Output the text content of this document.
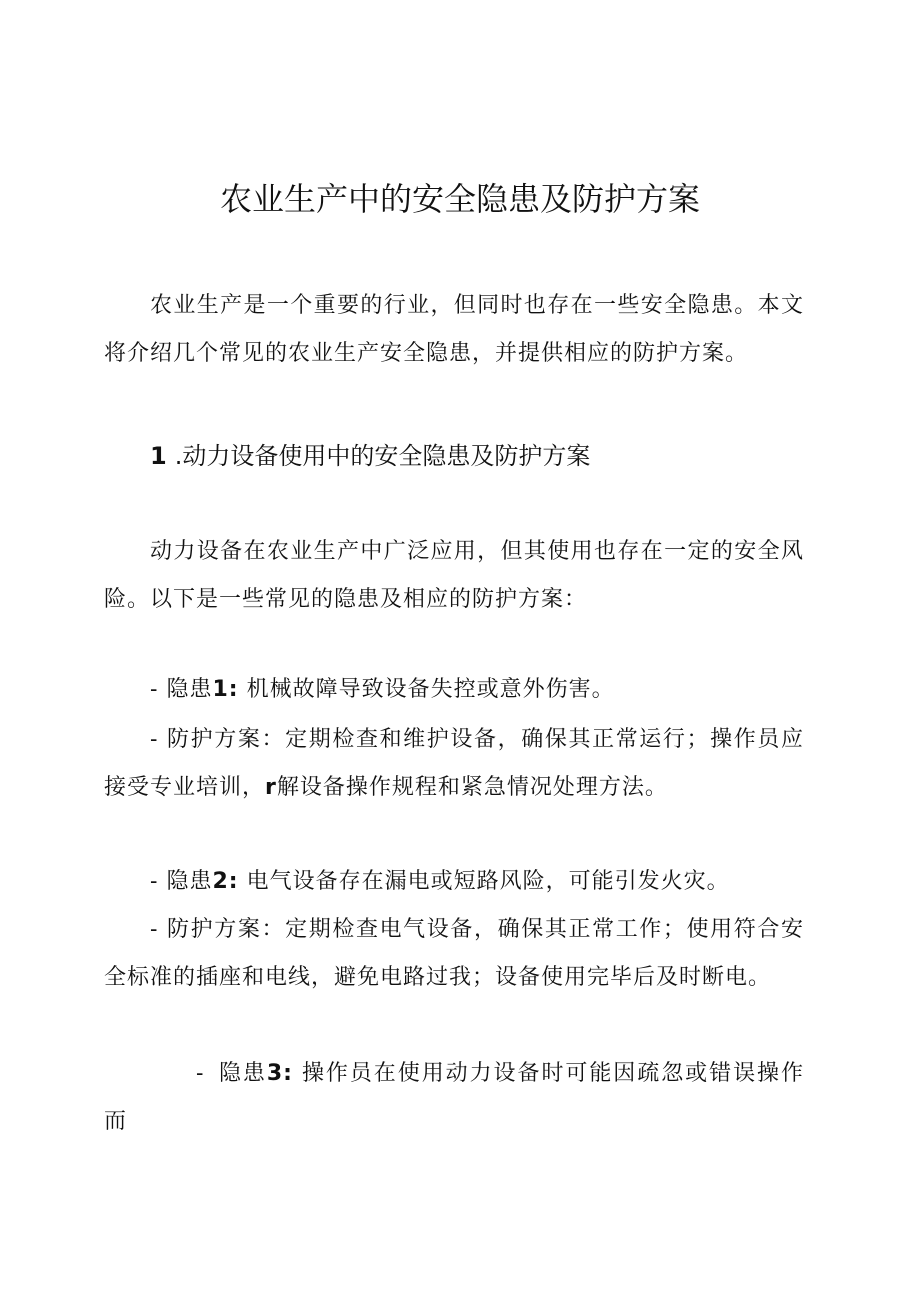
农业生产中的安全隐患及防护方案

农业生产是一个重要的行业，但同时也存在一些安全隐患。本文将介绍几个常见的农业生产安全隐患，并提供相应的防护方案。

1 .动力设备使用中的安全隐患及防护方案

动力设备在农业生产中广泛应用，但其使用也存在一定的安全风险。以下是一些常见的隐患及相应的防护方案：

- 隐患1: 机械故障导致设备失控或意外伤害。

- 防护方案：定期检查和维护设备，确保其正常运行；操作员应接受专业培训，r解设备操作规程和紧急情况处理方法。

- 隐患2: 电气设备存在漏电或短路风险，可能引发火灾。

- 防护方案：定期检查电气设备，确保其正常工作；使用符合安全标准的插座和电线，避免电路过我；设备使用完毕后及时断电。

- 隐患3: 操作员在使用动力设备时可能因疏忽或错误操作而
